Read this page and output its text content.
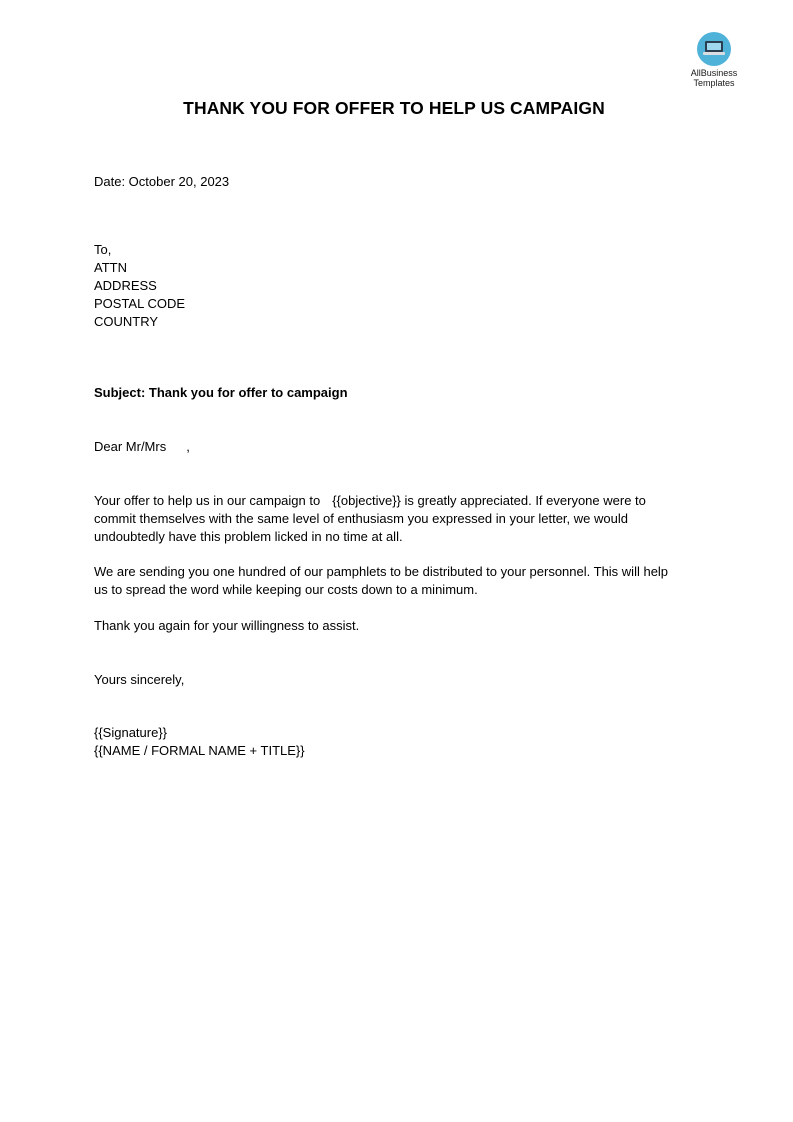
AllBusiness
Templates
THANK YOU FOR OFFER TO HELP US CAMPAIGN
Date: October 20, 2023
To,
ATTN
ADDRESS
POSTAL CODE
COUNTRY
Subject: Thank you for offer to campaign
Dear Mr/Mrs ,
Your offer to help us in our campaign to {{objective}} is greatly appreciated. If everyone were to
commit themselves with the same level of enthusiasm you expressed in your letter, we would
undoubtedly have this problem licked in no time at all.
We are sending you one hundred of our pamphlets to be distributed to your personnel. This will help
us to spread the word while keeping our costs down to a minimum.
Thank you again for your willingness to assist.
Yours sincerely,
{{Signature}}
{{NAME / FORMAL NAME + TITLE}}
